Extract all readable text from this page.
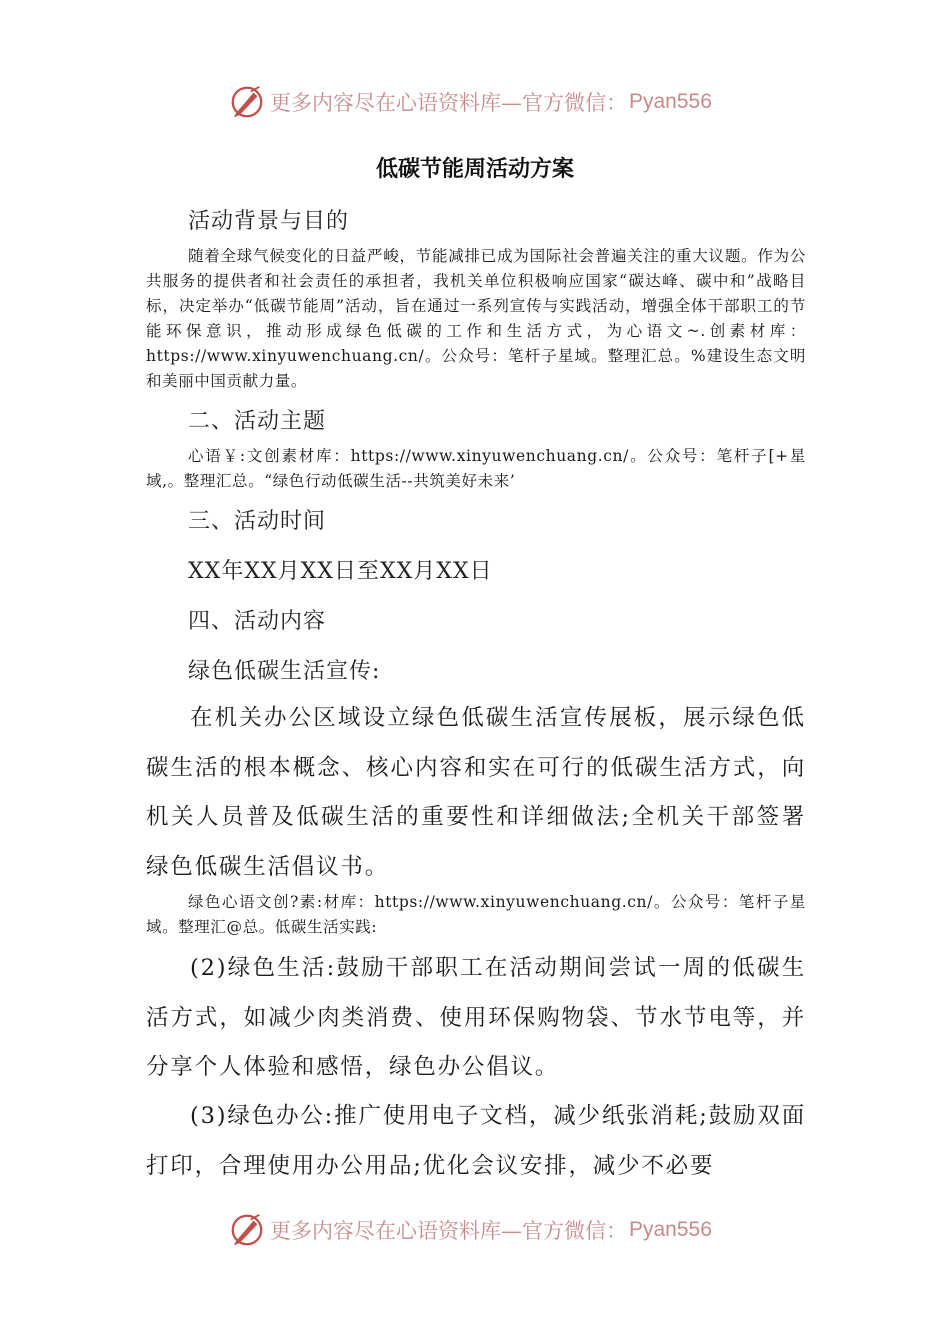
更多内容尽在心语资料库—官方微信： Pyan556
低碳节能周活动方案
活动背景与目的

随着全球气候变化的日益严峻，节能减排已成为国际社会普遍关注的重大议题。作为公共服务的提供者和社会责任的承担者，我机关单位积极响应国家“碳达峰、碳中和”战略目标，决定举办“低碳节能周”活动，旨在通过一系列宣传与实践活动，增强全体干部职工的节能环保意识，推动形成绿色低碳的工作和生活方式，为心语文~.创素材库：https://www.xinyuwenchuang.cn/。公众号：笔杆子星域。整理汇总。%建设生态文明和美丽中国贡献力量。

二、活动主题

心语￥:文创素材库：https://www.xinyuwenchuang.cn/。公众号：笔杆子[+星域,。整理汇总。“绿色行动低碳生活--共筑美好未来’

三、活动时间
XX年XX月XX日至XX月XX日
四、活动内容
绿色低碳生活宣传:

在机关办公区域设立绿色低碳生活宣传展板，展示绿色低碳生活的根本概念、核心内容和实在可行的低碳生活方式，向机关人员普及低碳生活的重要性和详细做法;全机关干部签署绿色低碳生活倡议书。

绿色心语文创?素:材库：https://www.xinyuwenchuang.cn/。公众号：笔杆子星域。整理汇@总。低碳生活实践:

(2)绿色生活:鼓励干部职工在活动期间尝试一周的低碳生活方式，如减少肉类消费、使用环保购物袋、节水节电等，并分享个人体验和感悟，绿色办公倡议。

(3)绿色办公:推广使用电子文档，减少纸张消耗;鼓励双面打印，合理使用办公用品;优化会议安排，减少不必要

更多内容尽在心语资料库—官方微信： Pyan556
